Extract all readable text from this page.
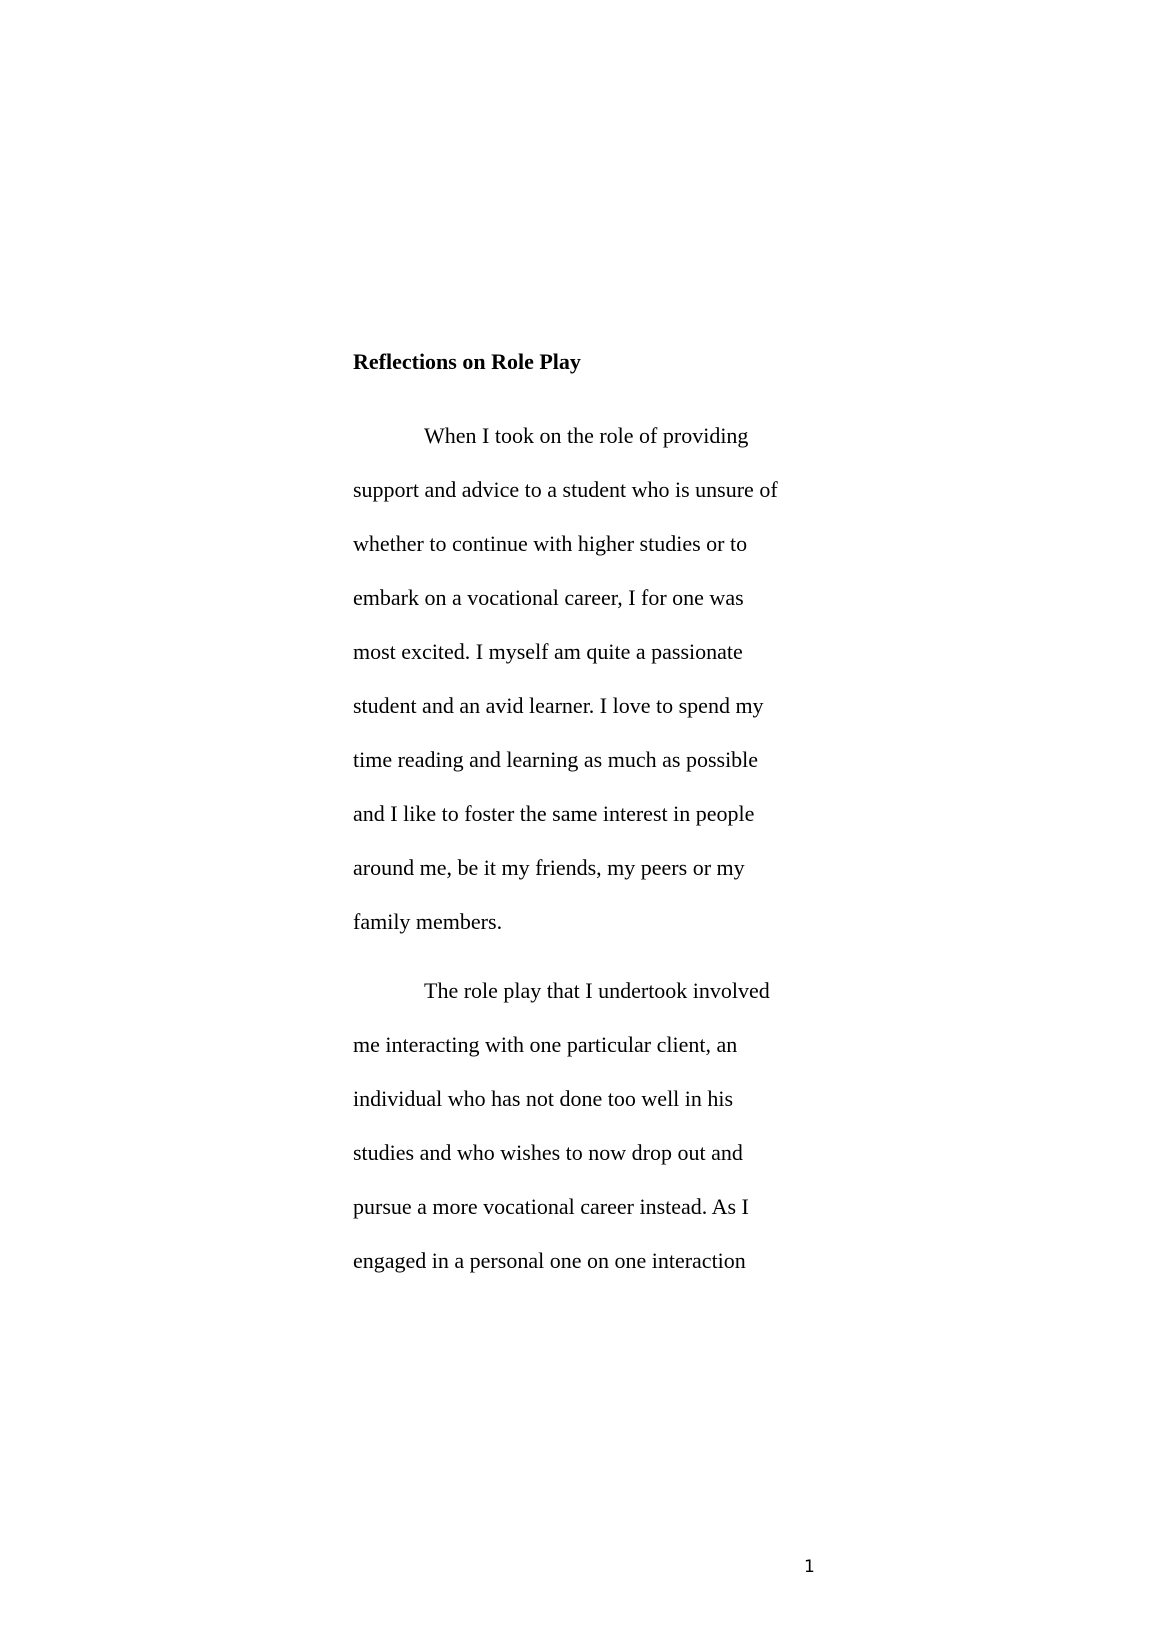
Reflections on Role Play

When I took on the role of providing

support and advice to a student who is unsure of

whether to continue with higher studies or to

embark on a vocational career, I for one was

most excited. I myself am quite a passionate

student and an avid learner. I love to spend my

time reading and learning as much as possible

and I like to foster the same interest in people

around me, be it my friends, my peers or my

family members.

The role play that I undertook involved

me interacting with one particular client, an

individual who has not done too well in his

studies and who wishes to now drop out and

pursue a more vocational career instead. As I

engaged in a personal one on one interaction

1
